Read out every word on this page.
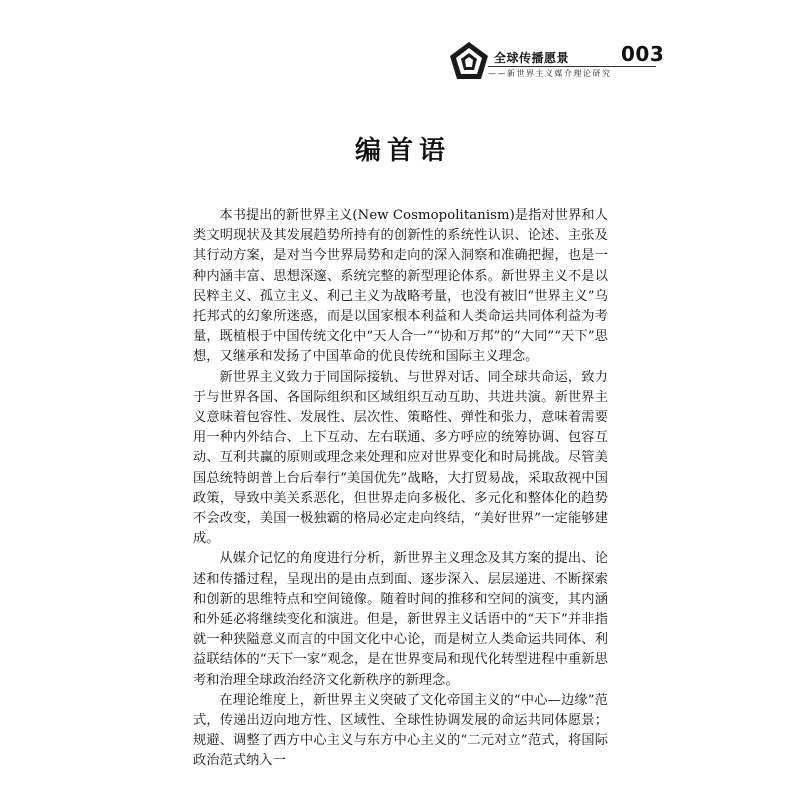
全球传播愿景
——新世界主义媒介理论研究
003
编首语

本书提出的新世界主义(New Cosmopolitanism)是指对世界和人类文明现状及其发展趋势所持有的创新性的系统性认识、论述、主张及其行动方案，是对当今世界局势和走向的深入洞察和准确把握，也是一种内涵丰富、思想深邃、系统完整的新型理论体系。新世界主义不是以民粹主义、孤立主义、利己主义为战略考量，也没有被旧“世界主义”乌托邦式的幻象所迷惑，而是以国家根本利益和人类命运共同体利益为考量，既植根于中国传统文化中“天人合一”“协和万邦”的“大同”“天下”思想，又继承和发扬了中国革命的优良传统和国际主义理念。

新世界主义致力于同国际接轨、与世界对话、同全球共命运，致力于与世界各国、各国际组织和区域组织互动互助、共进共演。新世界主义意味着包容性、发展性、层次性、策略性、弹性和张力，意味着需要用一种内外结合、上下互动、左右联通、多方呼应的统筹协调、包容互动、互利共赢的原则或理念来处理和应对世界变化和时局挑战。尽管美国总统特朗普上台后奉行“美国优先”战略，大打贸易战，采取敌视中国政策，导致中美关系恶化，但世界走向多极化、多元化和整体化的趋势不会改变，美国一极独霸的格局必定走向终结，“美好世界”一定能够建成。

从媒介记忆的角度进行分析，新世界主义理念及其方案的提出、论述和传播过程，呈现出的是由点到面、逐步深入、层层递进、不断探索和创新的思维特点和空间镜像。随着时间的推移和空间的演变，其内涵和外延必将继续变化和演进。但是，新世界主义话语中的“天下”并非指就一种狭隘意义而言的中国文化中心论，而是树立人类命运共同体、利益联结体的“天下一家”观念，是在世界变局和现代化转型进程中重新思考和治理全球政治经济文化新秩序的新理念。

在理论维度上，新世界主义突破了文化帝国主义的“中心—边缘”范式，传递出迈向地方性、区域性、全球性协调发展的命运共同体愿景；规避、调整了西方中心主义与东方中心主义的“二元对立”范式，将国际政治范式纳入一
